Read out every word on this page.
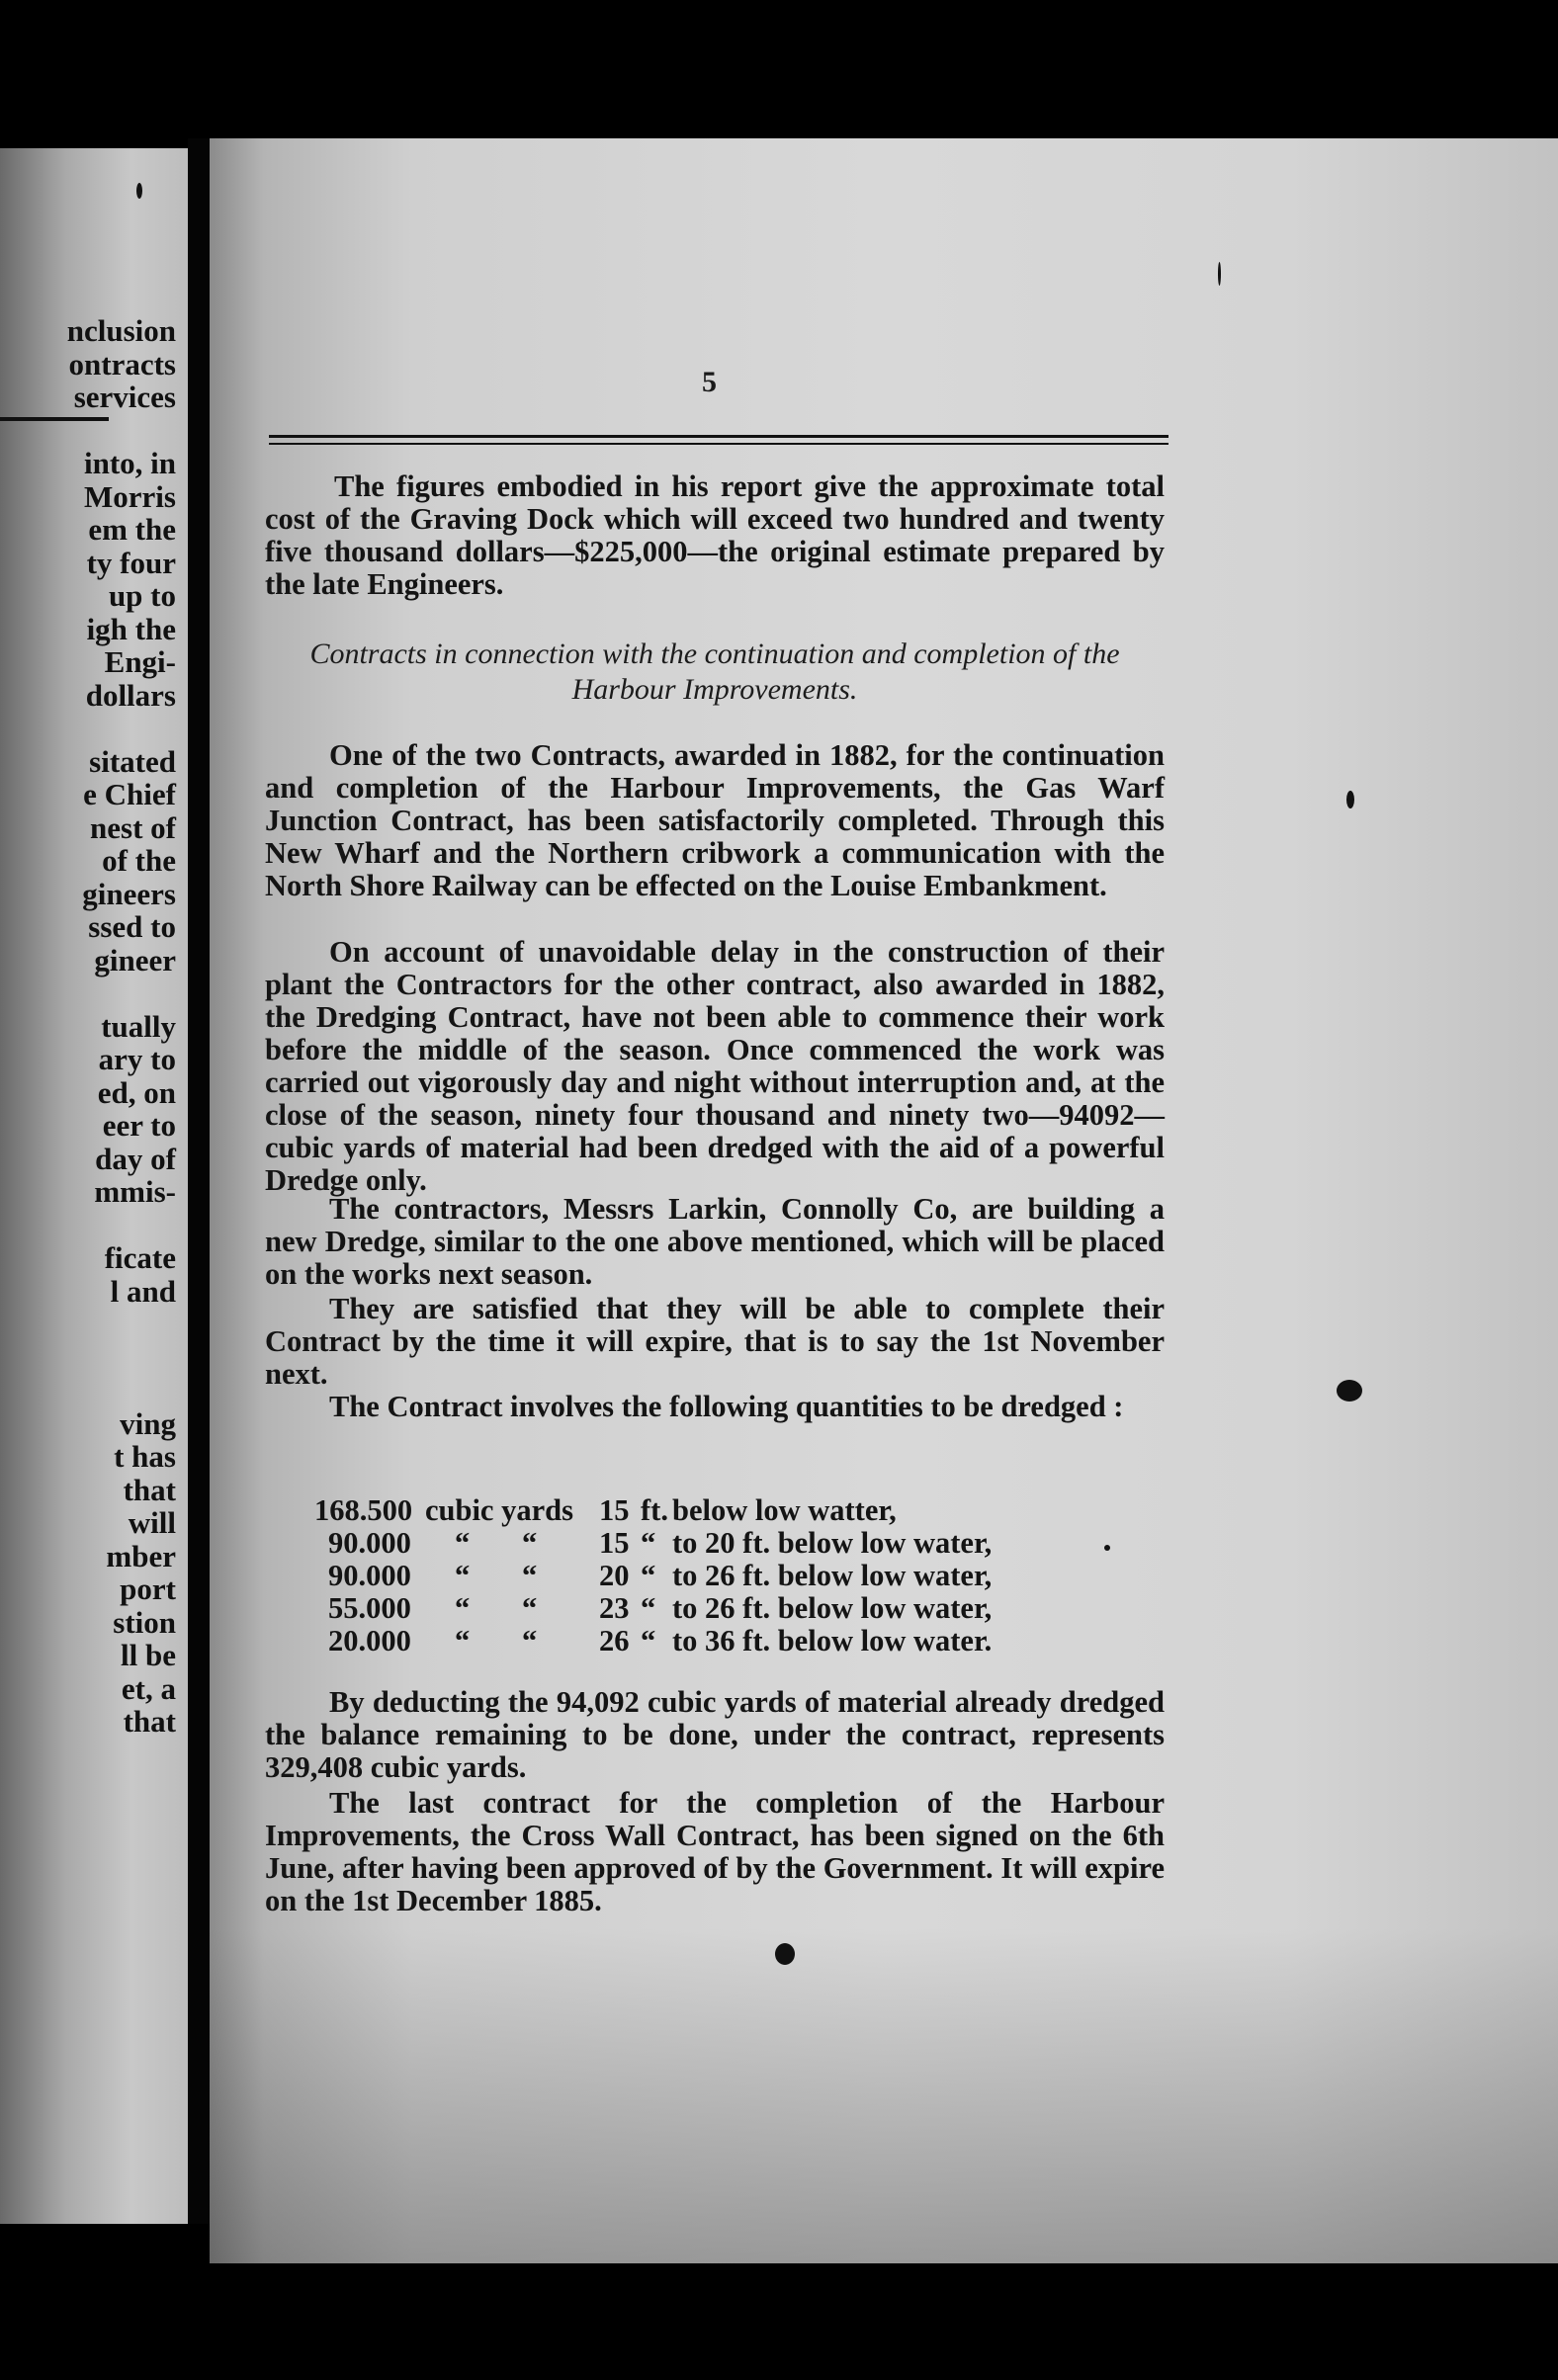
nclusion
ontracts
services
into, in
Morris
em the
ty four
up to
igh the
Engi-
dollars
sitated
e Chief
nest of
of the
gineers
ssed to
gineer
tually
ary to
ed, on
eer to
day of
mmis-
ficate
l and
ving
t has
that
will
mber
port
stion
ll be
et, a
that
5
The figures embodied in his report give the approximate total cost of the Graving Dock which will exceed two hundred and twenty five thousand dollars—$225,000—the original estimate prepared by the late Engineers.
Contracts in connection with the continuation and completion of the
Harbour Improvements.
One of the two Contracts, awarded in 1882, for the continuation and completion of the Harbour Improvements, the Gas Warf Junction Contract, has been satisfactorily completed. Through this New Wharf and the Northern cribwork a communication with the North Shore Railway can be effected on the Louise Embankment.
On account of unavoidable delay in the construction of their plant the Contractors for the other contract, also awarded in 1882, the Dredging Contract, have not been able to commence their work before the middle of the season. Once commenced the work was carried out vigorously day and night without interruption and, at the close of the season, ninety four thousand and ninety two—94092—cubic yards of material had been dredged with the aid of a powerful Dredge only.
The contractors, Messrs Larkin, Connolly Co, are building a new Dredge, similar to the one above mentioned, which will be placed on the works next season.
They are satisfied that they will be able to complete their Contract by the time it will expire, that is to say the 1st November next.
The Contract involves the following quantities to be dredged :
168.500 cubic yards 15 ft. below low watter,
90.000 “ “ 15 “ to 20 ft. below low water,
90.000 “ “ 20 “ to 26 ft. below low water,
55.000 “ “ 23 “ to 26 ft. below low water,
20.000 “ “ 26 “ to 36 ft. below low water.
By deducting the 94,092 cubic yards of material already dredged the balance remaining to be done, under the contract, represents 329,408 cubic yards.
The last contract for the completion of the Harbour Improvements, the Cross Wall Contract, has been signed on the 6th June, after having been approved of by the Government. It will expire on the 1st December 1885.
